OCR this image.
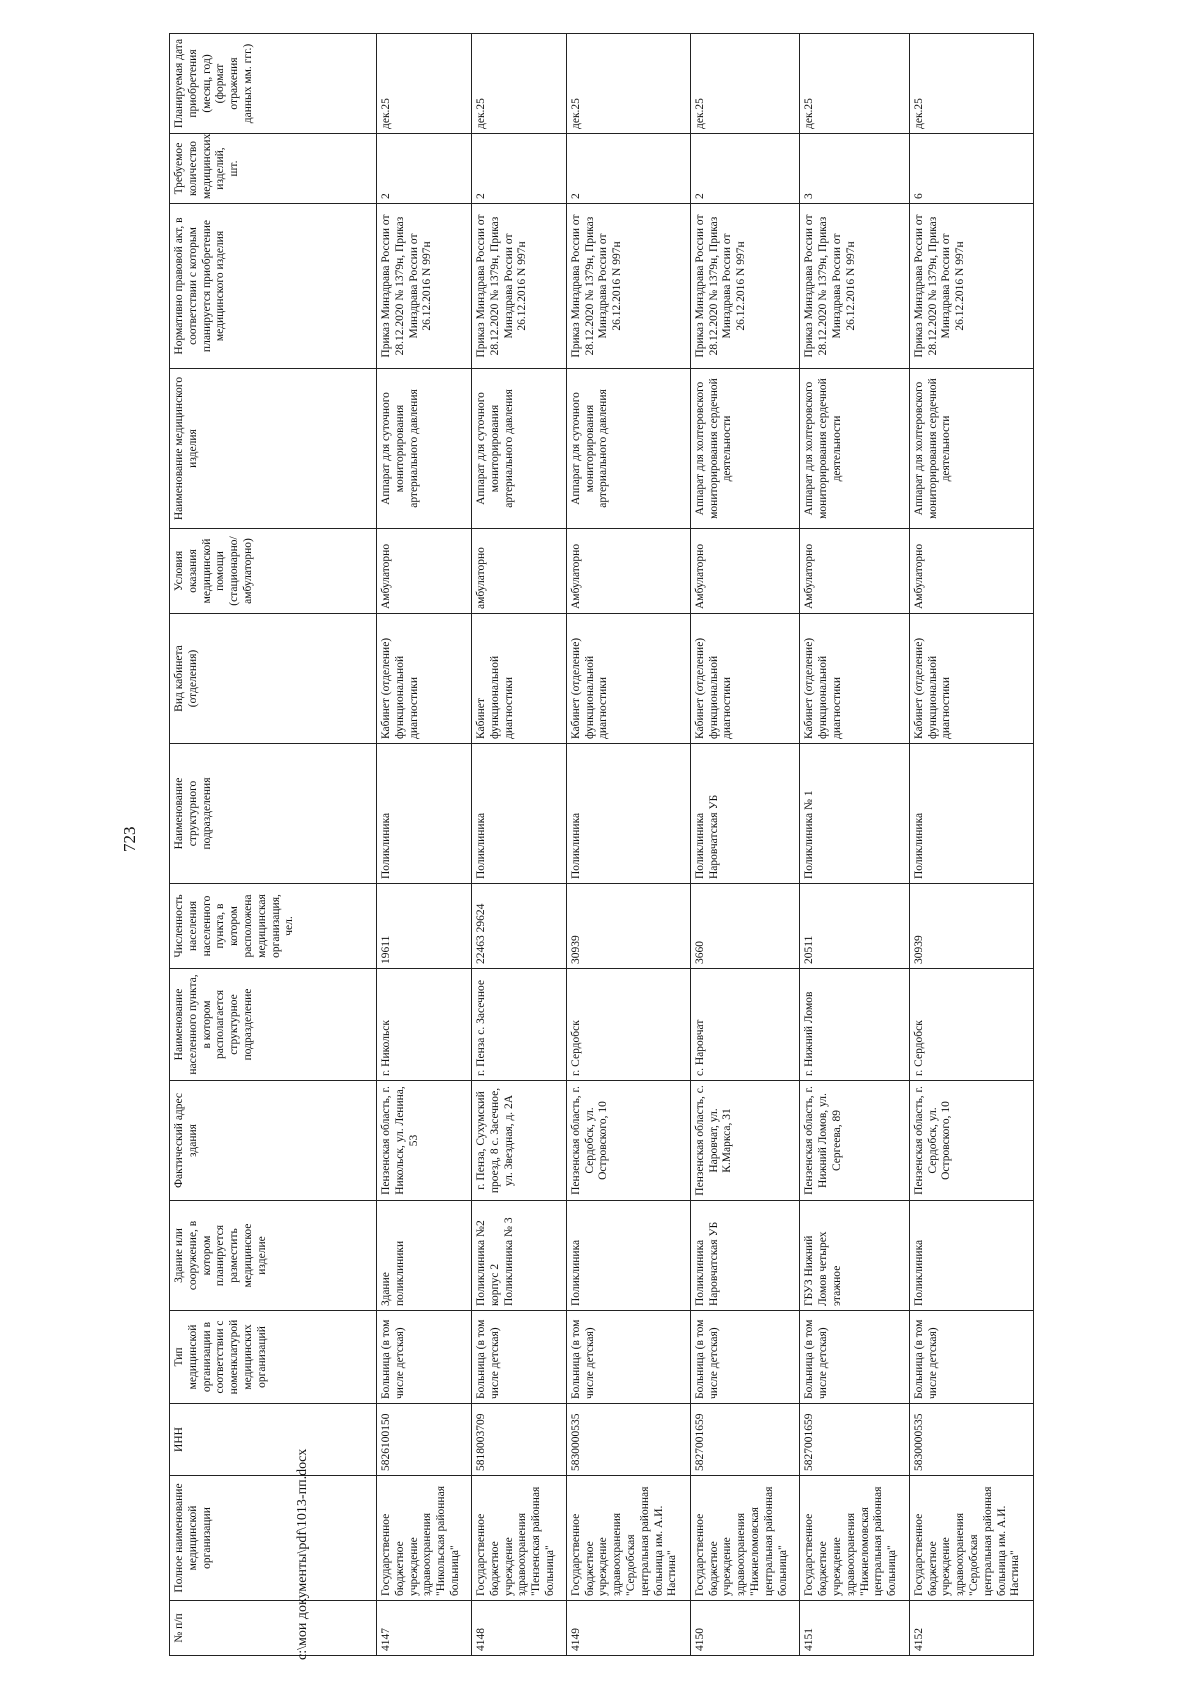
723
№ п/п	Полное наименование медицинской организации	ИНН	Тип медицинской организации в соответствии с номенклатурой медицинских организаций	Здание или сооружение, в котором планируется разместить медицинское изделие	Фактический адрес здания	Наименование населенного пункта, в котором располагается структурное подразделение	Численность населения населенного пункта, в котором расположена медицинская организация, чел.	Наименование структурного подразделения	Вид кабинета (отделения)	Условия оказания медицинской помощи (стационарно/ амбулаторно)	Наименование медицинского изделия	Нормативно правовой акт, в соответствии с которым планируется приобретение медицинского изделия	Требуемое количество медицинских изделий, шт.	Планируемая дата приобретения (месяц, год) (формат отражения данных мм. ггг.)
4147	Государственное бюджетное учреждение здравоохранения "Никольская районная больница"	5826100150	Больница (в том числе детская)	Здание поликлиники	Пензенская область, г. Никольск, ул. Ленина, 53	г. Никольск	19611	Поликлиника	Кабинет (отделение) функциональной диагностики	Амбулаторно	Аппарат для суточного мониторирования артериального давления	Приказ Минздрава России от 28.12.2020 № 1379н, Приказ Минздрава России от 26.12.2016 N 997н	2	дек.25
4148	Государственное бюджетное учреждение здравоохранения "Пензенская районная больница"	5818003709	Больница (в том числе детская)	Поликлиника №2 корпус 2 Поликлиника № 3	г. Пенза, Сухумский проезд, 8 с. Засечное, ул. Звездная, д. 2А	г. Пенза с. Засечное	22463 29624	Поликлиника	Кабинет функциональной диагностики	амбулаторно	Аппарат для суточного мониторирования артериального давления	Приказ Минздрава России от 28.12.2020 № 1379н, Приказ Минздрава России от 26.12.2016 N 997н	2	дек.25
4149	Государственное бюджетное учреждение здравоохранения "Сердобская центральная районная больница им. А.И. Настина"	5830000535	Больница (в том числе детская)	Поликлиника	Пензенская область, г. Сердобск, ул. Островского, 10	г. Сердобск	30939	Поликлиника	Кабинет (отделение) функциональной диагностики	Амбулаторно	Аппарат для суточного мониторирования артериального давления	Приказ Минздрава России от 28.12.2020 № 1379н, Приказ Минздрава России от 26.12.2016 N 997н	2	дек.25
4150	Государственное бюджетное учреждение здравоохранения "Нижнеломовская центральная районная больница"	5827001659	Больница (в том числе детская)	Поликлиника Наровчатская УБ	Пензенская область, с. Наровчат, ул. К.Маркса, 31	с. Наровчат	3660	Поликлиника Наровчатская УБ	Кабинет (отделение) функциональной диагностики	Амбулаторно	Аппарат для холтеровского мониторирования сердечной деятельности	Приказ Минздрава России от 28.12.2020 № 1379н, Приказ Минздрава России от 26.12.2016 N 997н	2	дек.25
4151	Государственное бюджетное учреждение здравоохранения "Нижнеломовская центральная районная больница"	5827001659	Больница (в том числе детская)	ГБУЗ Нижний Ломов четырех этажное	Пензенская область, г. Нижний Ломов, ул. Сергеева, 89	г. Нижний Ломов	20511	Поликлиника № 1	Кабинет (отделение) функциональной диагностики	Амбулаторно	Аппарат для холтеровского мониторирования сердечной деятельности	Приказ Минздрава России от 28.12.2020 № 1379н, Приказ Минздрава России от 26.12.2016 N 997н	3	дек.25
4152	Государственное бюджетное учреждение здравоохранения "Сердобская центральная районная больница им. А.И. Настина"	5830000535	Больница (в том числе детская)	Поликлиника	Пензенская область, г. Сердобск, ул. Островского, 10	г. Сердобск	30939	Поликлиника	Кабинет (отделение) функциональной диагностики	Амбулаторно	Аппарат для холтеровского мониторирования сердечной деятельности	Приказ Минздрава России от 28.12.2020 № 1379н, Приказ Минздрава России от 26.12.2016 N 997н	6	дек.25
c:\мои документы\pdf\1013-пп.docx
